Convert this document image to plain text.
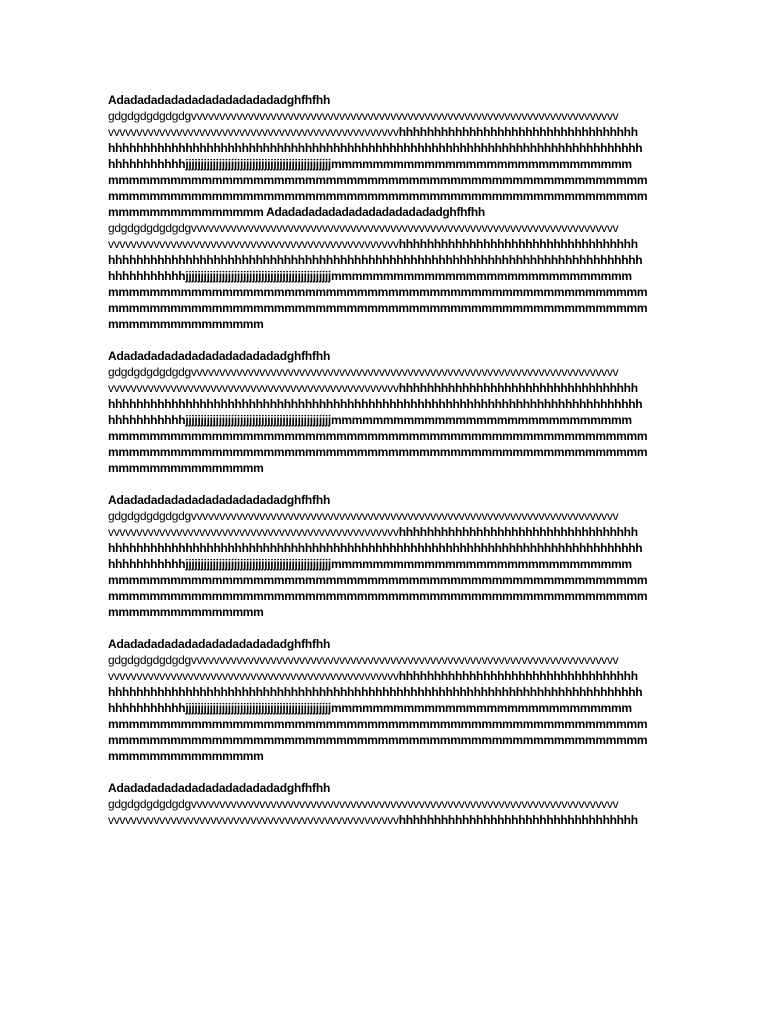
Adadadadadadadadadadadadadghfhfhh
gdgdgdgdgdgdgvvvvvvvvvvvvvvvvvvvvvvvvvvvvvvvvvvvvvvvvvvvvvvvvvvvvvvvvvvvvvvvvvvvvvvvvvvv
vvvvvvvvvvvvvvvvvvvvvvvvvvvvvvvvvvvvvvvvvvvvvvvvvvvhhhhhhhhhhhhhhhhhhhhhhhhhhhhhhhhhh
hhhhhhhhhhhhhhhhhhhhhhhhhhhhhhhhhhhhhhhhhhhhhhhhhhhhhhhhhhhhhhhhhhhhhhhhhhhh
hhhhhhhhhhhjjjjjjjjjjjjjjjjjjjjjjjjjjjjjjjjjjjjjjjjjjjjjjjjmmmmmmmmmmmmmmmmmmmmmmmmmmmmm
mmmmmmmmmmmmmmmmmmmmmmmmmmmmmmmmmmmmmmmmmmmmmmmmmmmm
mmmmmmmmmmmmmmmmmmmmmmmmmmmmmmmmmmmmmmmmmmmmmmmmmmmm
mmmmmmmmmmmmmmm Adadadadadadadadadadadadadghfhfhh
gdgdgdgdgdgdgvvvvvvvvvvvvvvvvvvvvvvvvvvvvvvvvvvvvvvvvvvvvvvvvvvvvvvvvvvvvvvvvvvvvvvvvvvv
vvvvvvvvvvvvvvvvvvvvvvvvvvvvvvvvvvvvvvvvvvvvvvvvvvvhhhhhhhhhhhhhhhhhhhhhhhhhhhhhhhhhh
hhhhhhhhhhhhhhhhhhhhhhhhhhhhhhhhhhhhhhhhhhhhhhhhhhhhhhhhhhhhhhhhhhhhhhhhhhhh
hhhhhhhhhhhjjjjjjjjjjjjjjjjjjjjjjjjjjjjjjjjjjjjjjjjjjjjjjjjmmmmmmmmmmmmmmmmmmmmmmmmmmmmm
mmmmmmmmmmmmmmmmmmmmmmmmmmmmmmmmmmmmmmmmmmmmmmmmmmmm
mmmmmmmmmmmmmmmmmmmmmmmmmmmmmmmmmmmmmmmmmmmmmmmmmmmm
mmmmmmmmmmmmmmm
Adadadadadadadadadadadadadghfhfhh
gdgdgdgdgdgdgvvvvvvvvvvvvvvvvvvvvvvvvvvvvvvvvvvvvvvvvvvvvvvvvvvvvvvvvvvvvvvvvvvvvvvvvvvv
vvvvvvvvvvvvvvvvvvvvvvvvvvvvvvvvvvvvvvvvvvvvvvvvvvvhhhhhhhhhhhhhhhhhhhhhhhhhhhhhhhhhh
hhhhhhhhhhhhhhhhhhhhhhhhhhhhhhhhhhhhhhhhhhhhhhhhhhhhhhhhhhhhhhhhhhhhhhhhhhhh
hhhhhhhhhhhjjjjjjjjjjjjjjjjjjjjjjjjjjjjjjjjjjjjjjjjjjjjjjjjmmmmmmmmmmmmmmmmmmmmmmmmmmmmm
mmmmmmmmmmmmmmmmmmmmmmmmmmmmmmmmmmmmmmmmmmmmmmmmmmmm
mmmmmmmmmmmmmmmmmmmmmmmmmmmmmmmmmmmmmmmmmmmmmmmmmmmm
mmmmmmmmmmmmmmm
Adadadadadadadadadadadadadghfhfhh
gdgdgdgdgdgdgvvvvvvvvvvvvvvvvvvvvvvvvvvvvvvvvvvvvvvvvvvvvvvvvvvvvvvvvvvvvvvvvvvvvvvvvvvv
vvvvvvvvvvvvvvvvvvvvvvvvvvvvvvvvvvvvvvvvvvvvvvvvvvvhhhhhhhhhhhhhhhhhhhhhhhhhhhhhhhhhh
hhhhhhhhhhhhhhhhhhhhhhhhhhhhhhhhhhhhhhhhhhhhhhhhhhhhhhhhhhhhhhhhhhhhhhhhhhhh
hhhhhhhhhhhjjjjjjjjjjjjjjjjjjjjjjjjjjjjjjjjjjjjjjjjjjjjjjjjmmmmmmmmmmmmmmmmmmmmmmmmmmmmm
mmmmmmmmmmmmmmmmmmmmmmmmmmmmmmmmmmmmmmmmmmmmmmmmmmmm
mmmmmmmmmmmmmmmmmmmmmmmmmmmmmmmmmmmmmmmmmmmmmmmmmmmm
mmmmmmmmmmmmmmm
Adadadadadadadadadadadadadghfhfhh
gdgdgdgdgdgdgvvvvvvvvvvvvvvvvvvvvvvvvvvvvvvvvvvvvvvvvvvvvvvvvvvvvvvvvvvvvvvvvvvvvvvvvvvv
vvvvvvvvvvvvvvvvvvvvvvvvvvvvvvvvvvvvvvvvvvvvvvvvvvvhhhhhhhhhhhhhhhhhhhhhhhhhhhhhhhhhh
hhhhhhhhhhhhhhhhhhhhhhhhhhhhhhhhhhhhhhhhhhhhhhhhhhhhhhhhhhhhhhhhhhhhhhhhhhhh
hhhhhhhhhhhjjjjjjjjjjjjjjjjjjjjjjjjjjjjjjjjjjjjjjjjjjjjjjjjmmmmmmmmmmmmmmmmmmmmmmmmmmmmm
mmmmmmmmmmmmmmmmmmmmmmmmmmmmmmmmmmmmmmmmmmmmmmmmmmmm
mmmmmmmmmmmmmmmmmmmmmmmmmmmmmmmmmmmmmmmmmmmmmmmmmmmm
mmmmmmmmmmmmmmm
Adadadadadadadadadadadadadghfhfhh
gdgdgdgdgdgdgvvvvvvvvvvvvvvvvvvvvvvvvvvvvvvvvvvvvvvvvvvvvvvvvvvvvvvvvvvvvvvvvvvvvvvvvvvv
vvvvvvvvvvvvvvvvvvvvvvvvvvvvvvvvvvvvvvvvvvvvvvvvvvvhhhhhhhhhhhhhhhhhhhhhhhhhhhhhhhhhh
